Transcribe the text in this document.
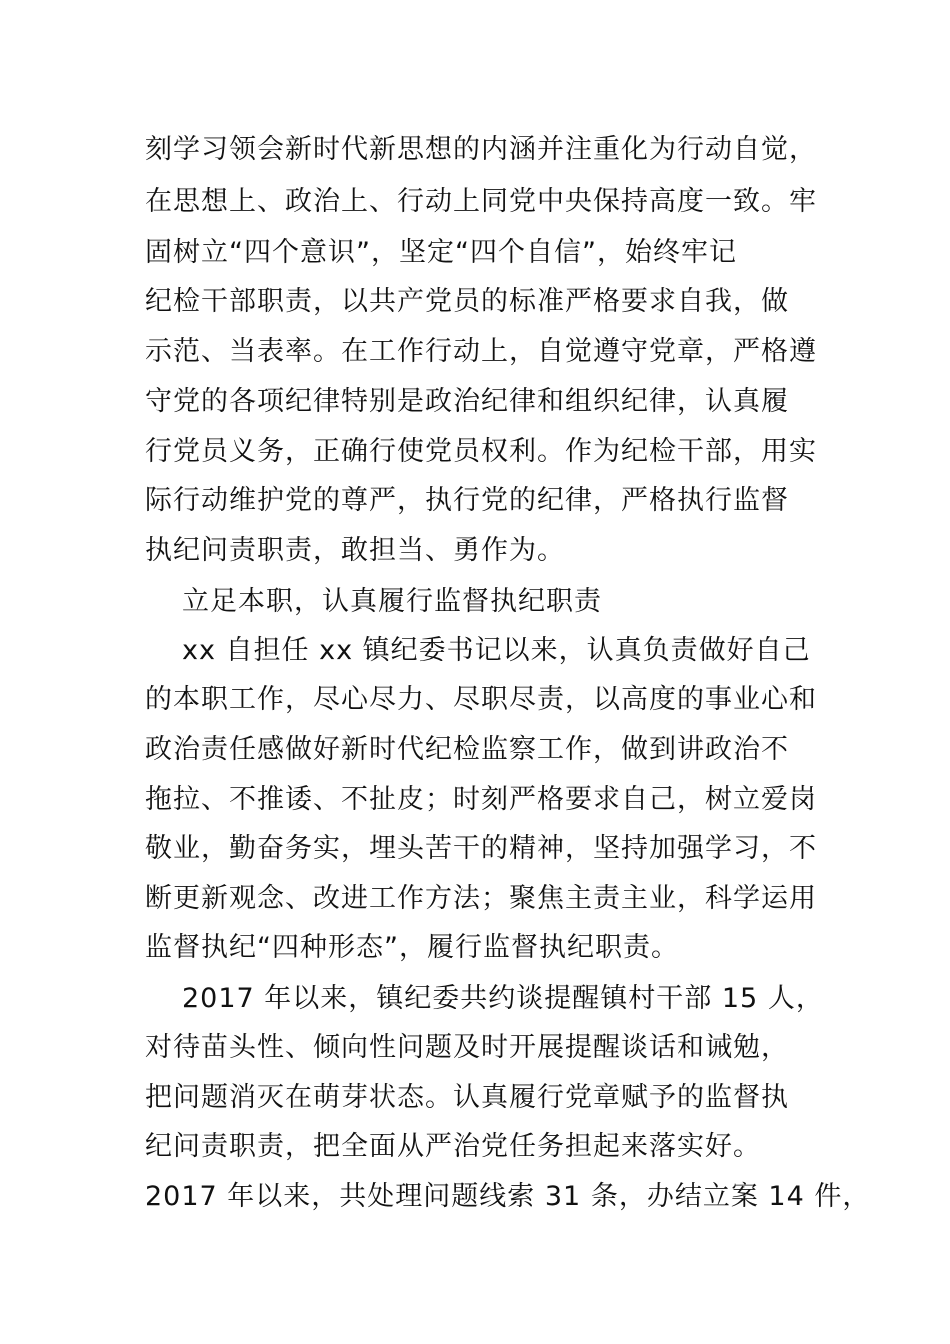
刻学习领会新时代新思想的内涵并注重化为行动自觉，
在思想上、政治上、行动上同党中央保持高度一致。牢
固树立“四个意识”，坚定“四个自信”，始终牢记
纪检干部职责，以共产党员的标准严格要求自我，做
示范、当表率。在工作行动上，自觉遵守党章，严格遵
守党的各项纪律特别是政治纪律和组织纪律，认真履
行党员义务，正确行使党员权利。作为纪检干部，用实
际行动维护党的尊严，执行党的纪律，严格执行监督
执纪问责职责，敢担当、勇作为。
立足本职，认真履行监督执纪职责
xx 自担任 xx 镇纪委书记以来，认真负责做好自己
的本职工作，尽心尽力、尽职尽责，以高度的事业心和
政治责任感做好新时代纪检监察工作，做到讲政治不
拖拉、不推诿、不扯皮；时刻严格要求自己，树立爱岗
敬业，勤奋务实，埋头苦干的精神，坚持加强学习，不
断更新观念、改进工作方法；聚焦主责主业，科学运用
监督执纪“四种形态”，履行监督执纪职责。
2017 年以来，镇纪委共约谈提醒镇村干部 15 人，
对待苗头性、倾向性问题及时开展提醒谈话和诫勉，
把问题消灭在萌芽状态。认真履行党章赋予的监督执
纪问责职责，把全面从严治党任务担起来落实好。
2017 年以来，共处理问题线索 31 条，办结立案 14 件，
